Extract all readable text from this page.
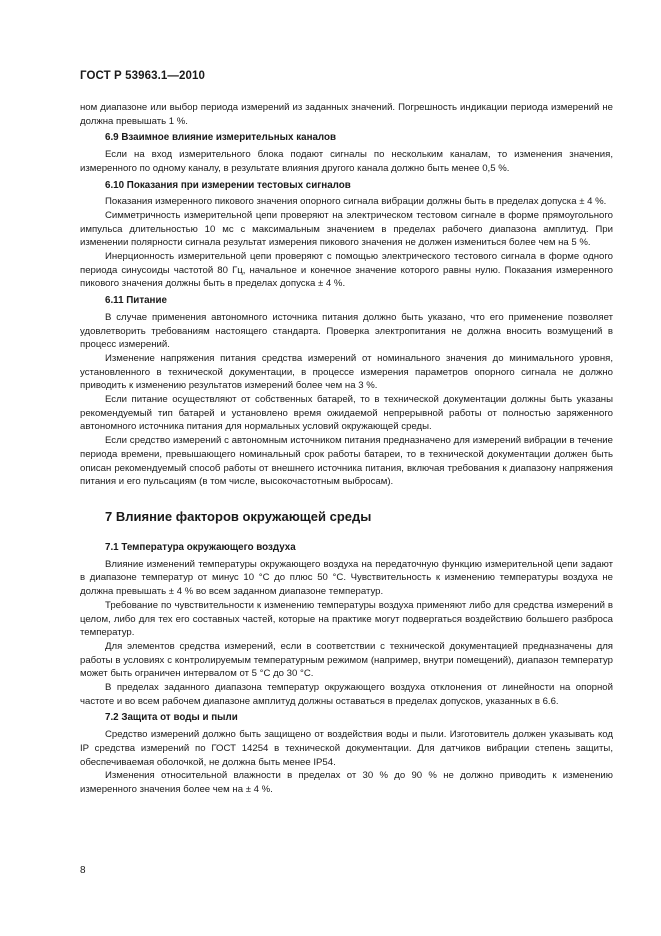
ГОСТ Р 53963.1—2010

ном диапазоне или выбор периода измерений из заданных значений. Погрешность индикации периода измерений не должна превышать 1 %.

6.9 Взаимное влияние измерительных каналов

Если на вход измерительного блока подают сигналы по нескольким каналам, то изменения значения, измеренного по одному каналу, в результате влияния другого канала должно быть менее 0,5 %.

6.10 Показания при измерении тестовых сигналов

Показания измеренного пикового значения опорного сигнала вибрации должны быть в пределах допуска ± 4 %.

Симметричность измерительной цепи проверяют на электрическом тестовом сигнале в форме прямоугольного импульса длительностью 10 мс с максимальным значением в пределах рабочего диапазона амплитуд. При изменении полярности сигнала результат измерения пикового значения не должен измениться более чем на 5 %.

Инерционность измерительной цепи проверяют с помощью электрического тестового сигнала в форме одного периода синусоиды частотой 80 Гц, начальное и конечное значение которого равны нулю. Показания измеренного пикового значения должны быть в пределах допуска ± 4 %.

6.11 Питание

В случае применения автономного источника питания должно быть указано, что его применение позволяет удовлетворить требованиям настоящего стандарта. Проверка электропитания не должна вносить возмущений в процесс измерений.

Изменение напряжения питания средства измерений от номинального значения до минимального уровня, установленного в технической документации, в процессе измерения параметров опорного сигнала не должно приводить к изменению результатов измерений более чем на 3 %.

Если питание осуществляют от собственных батарей, то в технической документации должны быть указаны рекомендуемый тип батарей и установлено время ожидаемой непрерывной работы от полностью заряженного автономного источника питания для нормальных условий окружающей среды.

Если средство измерений с автономным источником питания предназначено для измерений вибрации в течение периода времени, превышающего номинальный срок работы батареи, то в технической документации должен быть описан рекомендуемый способ работы от внешнего источника питания, включая требования к диапазону напряжения питания и его пульсациям (в том числе, высокочастотным выбросам).

7 Влияние факторов окружающей среды
7.1 Температура окружающего воздуха

Влияние изменений температуры окружающего воздуха на передаточную функцию измерительной цепи задают в диапазоне температур от минус 10 °С до плюс 50 °С. Чувствительность к изменению температуры воздуха не должна превышать ± 4 % во всем заданном диапазоне температур.

Требование по чувствительности к изменению температуры воздуха применяют либо для средства измерений в целом, либо для тех его составных частей, которые на практике могут подвергаться воздействию большего разброса температур.

Для элементов средства измерений, если в соответствии с технической документацией предназначены для работы в условиях с контролируемым температурным режимом (например, внутри помещений), диапазон температур может быть ограничен интервалом от 5 °С до 30 °С.

В пределах заданного диапазона температур окружающего воздуха отклонения от линейности на опорной частоте и во всем рабочем диапазоне амплитуд должны оставаться в пределах допусков, указанных в 6.6.

7.2 Защита от воды и пыли

Средство измерений должно быть защищено от воздействия воды и пыли. Изготовитель должен указывать код IP средства измерений по ГОСТ 14254 в технической документации. Для датчиков вибрации степень защиты, обеспечиваемая оболочкой, не должна быть менее IP54.

Изменения относительной влажности в пределах от 30 % до 90 % не должно приводить к изменению измеренного значения более чем на ± 4 %.

8
